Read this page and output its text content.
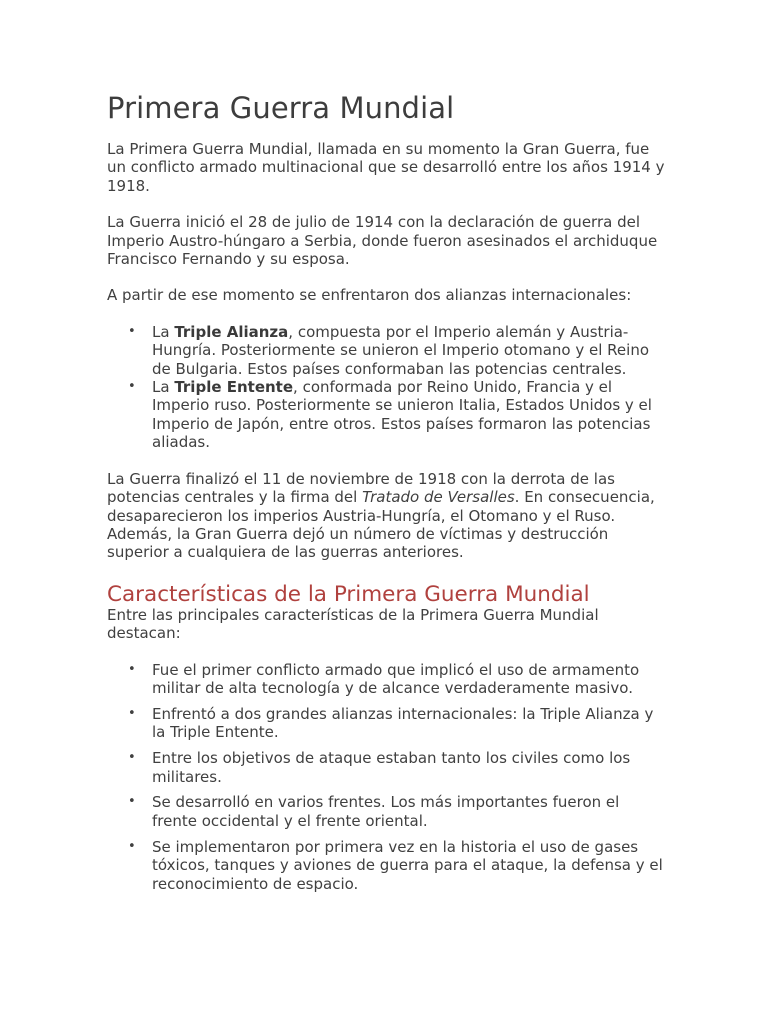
Primera Guerra Mundial

La Primera Guerra Mundial, llamada en su momento la Gran Guerra, fue un conflicto armado multinacional que se desarrolló entre los años 1914 y 1918.

La Guerra inició el 28 de julio de 1914 con la declaración de guerra del Imperio Austro-húngaro a Serbia, donde fueron asesinados el archiduque Francisco Fernando y su esposa.

A partir de ese momento se enfrentaron dos alianzas internacionales:

• La Triple Alianza, compuesta por el Imperio alemán y Austria-Hungría. Posteriormente se unieron el Imperio otomano y el Reino de Bulgaria. Estos países conformaban las potencias centrales.
• La Triple Entente, conformada por Reino Unido, Francia y el Imperio ruso. Posteriormente se unieron Italia, Estados Unidos y el Imperio de Japón, entre otros. Estos países formaron las potencias aliadas.

La Guerra finalizó el 11 de noviembre de 1918 con la derrota de las potencias centrales y la firma del Tratado de Versalles. En consecuencia, desaparecieron los imperios Austria-Hungría, el Otomano y el Ruso. Además, la Gran Guerra dejó un número de víctimas y destrucción superior a cualquiera de las guerras anteriores.

Características de la Primera Guerra Mundial

Entre las principales características de la Primera Guerra Mundial destacan:

• Fue el primer conflicto armado que implicó el uso de armamento militar de alta tecnología y de alcance verdaderamente masivo.
• Enfrentó a dos grandes alianzas internacionales: la Triple Alianza y la Triple Entente.
• Entre los objetivos de ataque estaban tanto los civiles como los militares.
• Se desarrolló en varios frentes. Los más importantes fueron el frente occidental y el frente oriental.
• Se implementaron por primera vez en la historia el uso de gases tóxicos, tanques y aviones de guerra para el ataque, la defensa y el reconocimiento de espacio.
